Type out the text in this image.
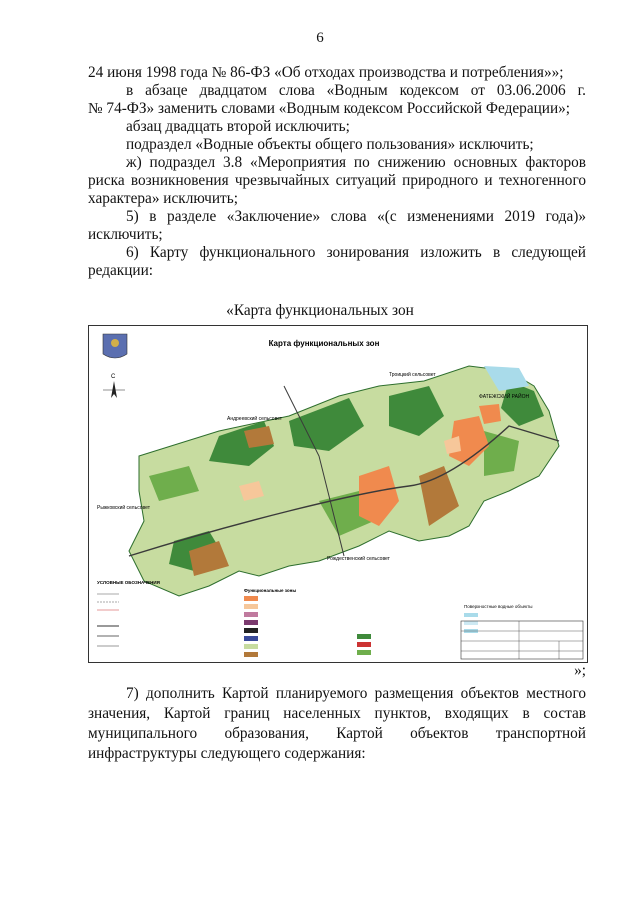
6
24 июня 1998 года № 86-ФЗ «Об отходах производства и потребления»»;
в абзаце двадцатом слова «Водным кодексом от 03.06.2006 г.
№ 74-ФЗ» заменить словами «Водным кодексом Российской Федерации»;
абзац двадцать второй исключить;
подраздел «Водные объекты общего пользования» исключить;
ж) подраздел 3.8 «Мероприятия по снижению основных факторов
риска возникновения чрезвычайных ситуаций природного и техногенного
характера» исключить;
5) в разделе «Заключение» слова «(с изменениями 2019 года)»
исключить;
6) Карту функционального зонирования изложить в следующей
редакции:
«Карта функциональных зон
С
Карта функциональных зон
Андреевский сельсовет
Троицкий сельсовет
ФАТЕЖСКИЙ РАЙОН
Рыжковский сельсовет
Рождественский сельсовет
УСЛОВНЫЕ ОБОЗНАЧЕНИЯ
Функциональные зоны
Поверхностные водные объекты
»;
7) дополнить Картой планируемого размещения объектов местного
значения, Картой границ населенных пунктов, входящих в состав
муниципального образования, Картой объектов транспортной
инфраструктуры следующего содержания:
